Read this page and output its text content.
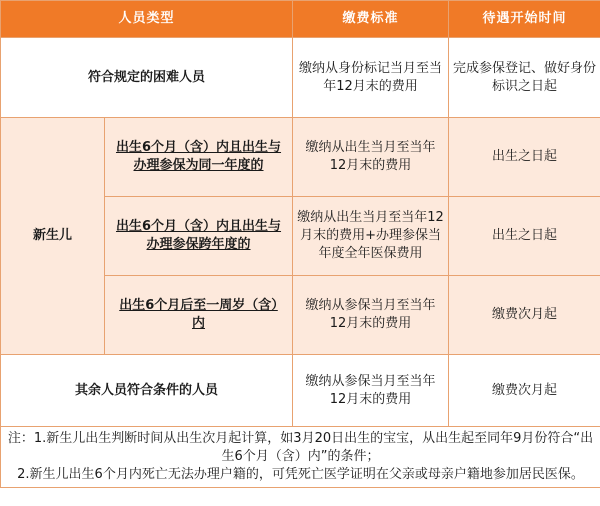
人员类型		缴费标准	待遇开始时间
符合规定的困难人员		缴纳从身份标记当月至当年12月末的费用	完成参保登记、做好身份标识之日起
新生儿	出生6个月（含）内且出生与办理参保为同一年度的	缴纳从出生当月至当年12月末的费用	出生之日起
	出生6个月（含）内且出生与办理参保跨年度的	缴纳从出生当月至当年12月末的费用+办理参保当年度全年医保费用	出生之日起
	出生6个月后至一周岁（含）内	缴纳从参保当月至当年12月末的费用	缴费次月起
其余人员符合条件的人员		缴纳从参保当月至当年12月末的费用	缴费次月起

注：1.新生儿出生判断时间从出生次月起计算，如3月20日出生的宝宝，从出生起至同年9月份符合“出生6个月（含）内”的条件；

2.新生儿出生6个月内死亡无法办理户籍的，可凭死亡医学证明在父亲或母亲户籍地参加居民医保。			
